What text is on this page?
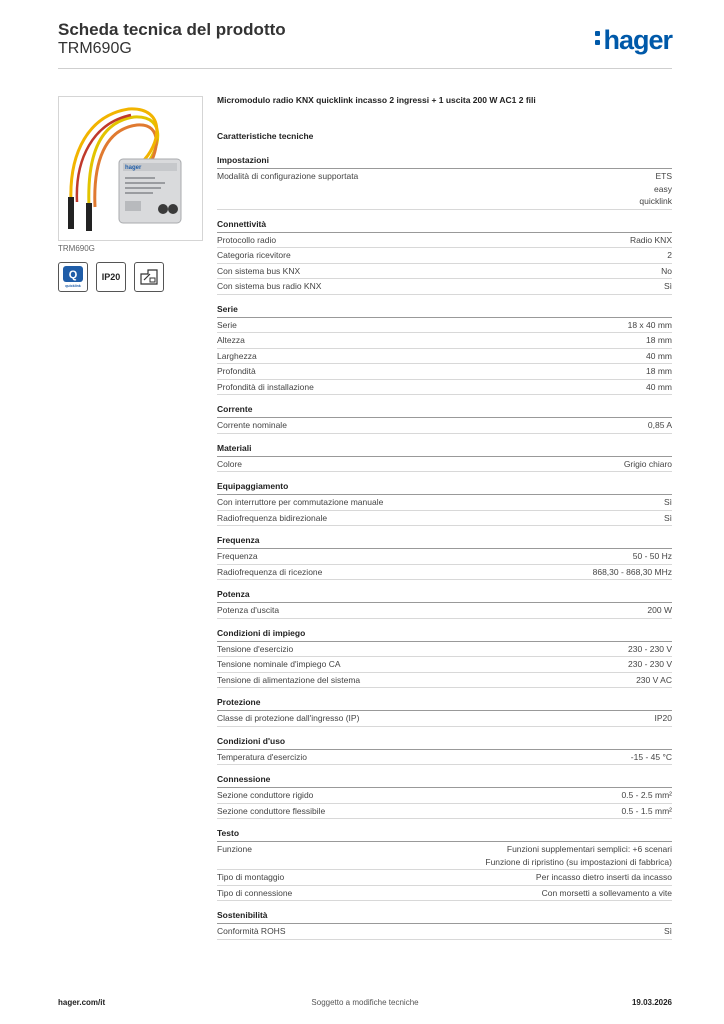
Scheda tecnica del prodotto
TRM690G	hager
hager
TRM690G
Q
quicklink
IP20
Micromodulo radio KNX quicklink incasso 2 ingressi + 1 uscita 200 W AC1 2 fili
Caratteristiche tecniche
Impostazioni
Modalità di configurazione supportata	ETS
easy
quicklink
Connettività
Protocollo radio	Radio KNX
Categoria ricevitore	2
Con sistema bus KNX	No
Con sistema bus radio KNX	Sì
Serie
Serie	18 x 40 mm
Altezza	18 mm
Larghezza	40 mm
Profondità	18 mm
Profondità di installazione	40 mm
Corrente
Corrente nominale	0,85 A
Materiali
Colore	Grigio chiaro
Equipaggiamento
Con interruttore per commutazione manuale	Sì
Radiofrequenza bidirezionale	Sì
Frequenza
Frequenza	50 - 50 Hz
Radiofrequenza di ricezione	868,30 - 868,30 MHz
Potenza
Potenza d'uscita	200 W
Condizioni di impiego
Tensione d'esercizio	230 - 230 V
Tensione nominale d'impiego CA	230 - 230 V
Tensione di alimentazione del sistema	230 V AC
Protezione
Classe di protezione dall'ingresso (IP)	IP20
Condizioni d'uso
Temperatura d'esercizio	-15 - 45 °C
Connessione
Sezione conduttore rigido	0.5 - 2.5 mm²
Sezione conduttore flessibile	0.5 - 1.5 mm²
Testo
Funzione	Funzioni supplementari semplici: +6 scenari
Funzione di ripristino (su impostazioni di fabbrica)
Tipo di montaggio	Per incasso dietro inserti da incasso
Tipo di connessione	Con morsetti a sollevamento a vite
Sostenibilità
Conformità ROHS	Sì
hager.com/it	Soggetto a modifiche tecniche	19.03.2026
